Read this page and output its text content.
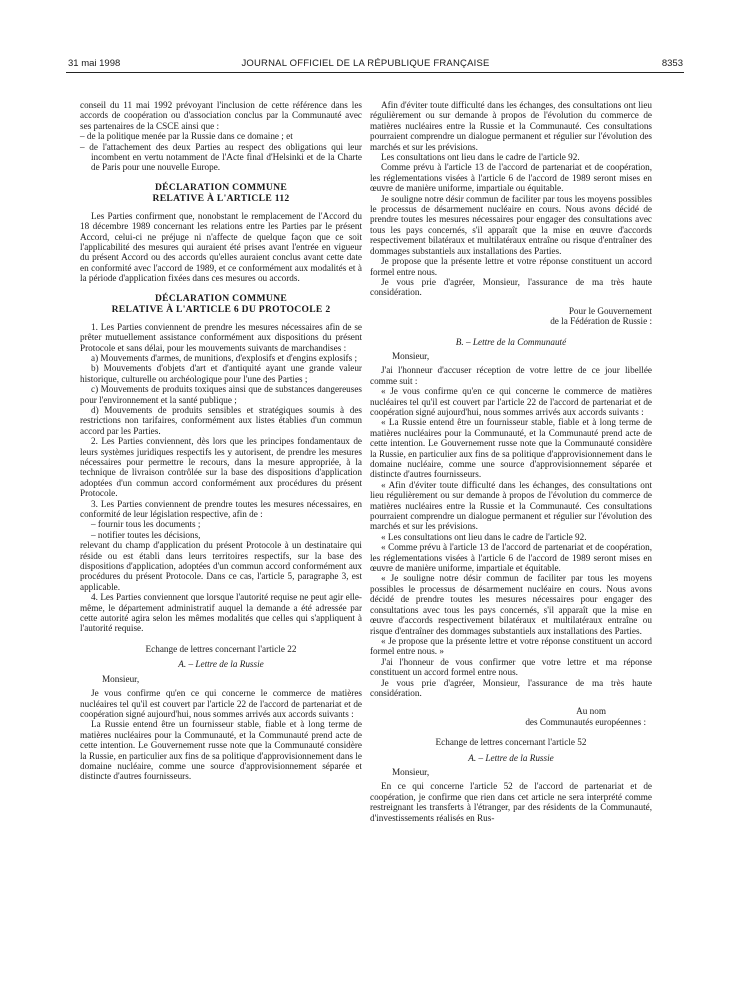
31 mai 1998	JOURNAL OFFICIEL DE LA RÉPUBLIQUE FRANÇAISE	8353

conseil du 11 mai 1992 prévoyant l'inclusion de cette référence dans les accords de coopération ou d'association conclus par la Communauté avec ses partenaires de la CSCE ainsi que :

– de la politique menée par la Russie dans ce domaine ; et

– de l'attachement des deux Parties au respect des obligations qui leur incombent en vertu notamment de l'Acte final d'Helsinki et de la Charte de Paris pour une nouvelle Europe.

DÉCLARATION COMMUNE
RELATIVE À L'ARTICLE 112

Les Parties confirment que, nonobstant le remplacement de l'Accord du 18 décembre 1989 concernant les relations entre les Parties par le présent Accord, celui-ci ne préjuge ni n'affecte de quelque façon que ce soit l'applicabilité des mesures qui auraient été prises avant l'entrée en vigueur du présent Accord ou des accords qu'elles auraient conclus avant cette date en conformité avec l'accord de 1989, et ce conformément aux modalités et à la période d'application fixées dans ces mesures ou accords.

DÉCLARATION COMMUNE
RELATIVE À L'ARTICLE 6 DU PROTOCOLE 2

1. Les Parties conviennent de prendre les mesures nécessaires afin de se prêter mutuellement assistance conformément aux dispositions du présent Protocole et sans délai, pour les mouvements suivants de marchandises :

a) Mouvements d'armes, de munitions, d'explosifs et d'engins explosifs ;

b) Mouvements d'objets d'art et d'antiquité ayant une grande valeur historique, culturelle ou archéologique pour l'une des Parties ;

c) Mouvements de produits toxiques ainsi que de substances dangereuses pour l'environnement et la santé publique ;

d) Mouvements de produits sensibles et stratégiques soumis à des restrictions non tarifaires, conformément aux listes établies d'un commun accord par les Parties.

2. Les Parties conviennent, dès lors que les principes fondamentaux de leurs systèmes juridiques respectifs les y autorisent, de prendre les mesures nécessaires pour permettre le recours, dans la mesure appropriée, à la technique de livraison contrôlée sur la base des dispositions d'application adoptées d'un commun accord conformément aux procédures du présent Protocole.

3. Les Parties conviennent de prendre toutes les mesures nécessaires, en conformité de leur législation respective, afin de :

– fournir tous les documents ;

– notifier toutes les décisions,

relevant du champ d'application du présent Protocole à un destinataire qui réside ou est établi dans leurs territoires respectifs, sur la base des dispositions d'application, adoptées d'un commun accord conformément aux procédures du présent Protocole. Dans ce cas, l'article 5, paragraphe 3, est applicable.

4. Les Parties conviennent que lorsque l'autorité requise ne peut agir elle-même, le département administratif auquel la demande a été adressée par cette autorité agira selon les mêmes modalités que celles qui s'appliquent à l'autorité requise.

Echange de lettres concernant l'article 22

A. – Lettre de la Russie

Monsieur,

Je vous confirme qu'en ce qui concerne le commerce de matières nucléaires tel qu'il est couvert par l'article 22 de l'accord de partenariat et de coopération signé aujourd'hui, nous sommes arrivés aux accords suivants :

La Russie entend être un fournisseur stable, fiable et à long terme de matières nucléaires pour la Communauté, et la Communauté prend acte de cette intention. Le Gouvernement russe note que la Communauté considère la Russie, en particulier aux fins de sa politique d'approvisionnement dans le domaine nucléaire, comme une source d'approvisionnement séparée et distincte d'autres fournisseurs.

Afin d'éviter toute difficulté dans les échanges, des consultations ont lieu régulièrement ou sur demande à propos de l'évolution du commerce de matières nucléaires entre la Russie et la Communauté. Ces consultations pourraient comprendre un dialogue permanent et régulier sur l'évolution des marchés et sur les prévisions.

Les consultations ont lieu dans le cadre de l'article 92.

Comme prévu à l'article 13 de l'accord de partenariat et de coopération, les réglementations visées à l'article 6 de l'accord de 1989 seront mises en œuvre de manière uniforme, impartiale ou équitable.

Je souligne notre désir commun de faciliter par tous les moyens possibles le processus de désarmement nucléaire en cours. Nous avons décidé de prendre toutes les mesures nécessaires pour engager des consultations avec tous les pays concernés, s'il apparaît que la mise en œuvre d'accords respectivement bilatéraux et multilatéraux entraîne ou risque d'entraîner des dommages substantiels aux installations des Parties.

Je propose que la présente lettre et votre réponse constituent un accord formel entre nous.

Je vous prie d'agréer, Monsieur, l'assurance de ma très haute considération.

Pour le Gouvernement
de la Fédération de Russie :

B. – Lettre de la Communauté

Monsieur,

J'ai l'honneur d'accuser réception de votre lettre de ce jour libellée comme suit :

« Je vous confirme qu'en ce qui concerne le commerce de matières nucléaires tel qu'il est couvert par l'article 22 de l'accord de partenariat et de coopération signé aujourd'hui, nous sommes arrivés aux accords suivants :

« La Russie entend être un fournisseur stable, fiable et à long terme de matières nucléaires pour la Communauté, et la Communauté prend acte de cette intention. Le Gouvernement russe note que la Communauté considère la Russie, en particulier aux fins de sa politique d'approvisionnement dans le domaine nucléaire, comme une source d'approvisionnement séparée et distincte d'autres fournisseurs.

« Afin d'éviter toute difficulté dans les échanges, des consultations ont lieu régulièrement ou sur demande à propos de l'évolution du commerce de matières nucléaires entre la Russie et la Communauté. Ces consultations pourraient comprendre un dialogue permanent et régulier sur l'évolution des marchés et sur les prévisions.

« Les consultations ont lieu dans le cadre de l'article 92.

« Comme prévu à l'article 13 de l'accord de partenariat et de coopération, les réglementations visées à l'article 6 de l'accord de 1989 seront mises en œuvre de manière uniforme, impartiale et équitable.

« Je souligne notre désir commun de faciliter par tous les moyens possibles le processus de désarmement nucléaire en cours. Nous avons décidé de prendre toutes les mesures nécessaires pour engager des consultations avec tous les pays concernés, s'il apparaît que la mise en œuvre d'accords respectivement bilatéraux et multilatéraux entraîne ou risque d'entraîner des dommages substantiels aux installations des Parties.

« Je propose que la présente lettre et votre réponse constituent un accord formel entre nous. »

J'ai l'honneur de vous confirmer que votre lettre et ma réponse constituent un accord formel entre nous.

Je vous prie d'agréer, Monsieur, l'assurance de ma très haute considération.

Au nom
des Communautés européennes :

Echange de lettres concernant l'article 52

A. – Lettre de la Russie

Monsieur,

En ce qui concerne l'article 52 de l'accord de partenariat et de coopération, je confirme que rien dans cet article ne sera interprété comme restreignant les transferts à l'étranger, par des résidents de la Communauté, d'investissements réalisés en Rus-
